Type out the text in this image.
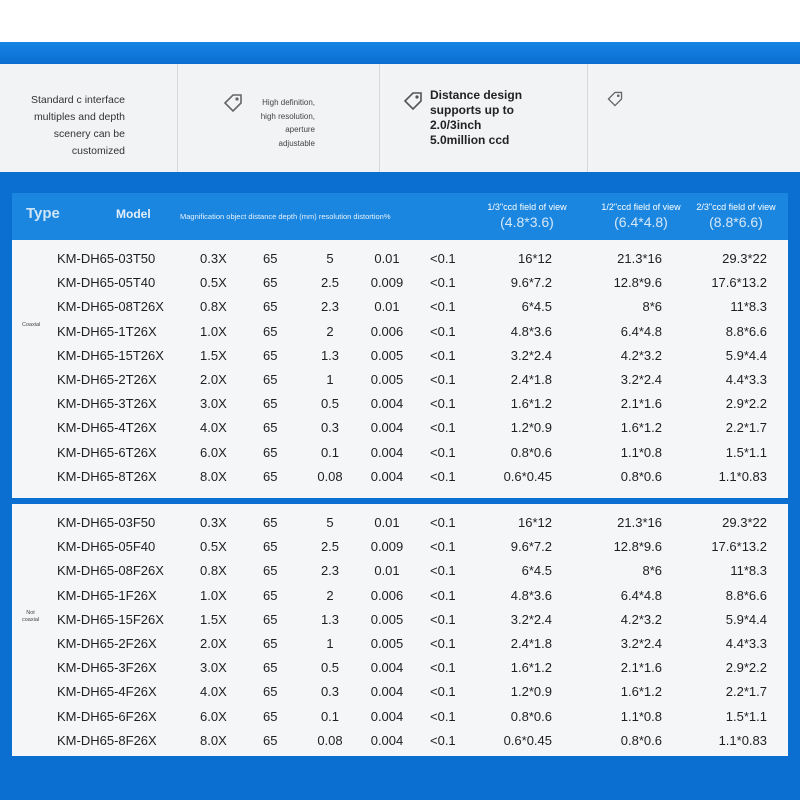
Standard c interface
multiples and depth
scenery can be
customized
High definition,
high resolution,
aperture
adjustable
Distance design
supports up to
2.0/3inch
5.0million ccd
...
... ... ...
... ...
Type	Model	Magnification object distance depth (mm) resolution distortion%
1/3"ccd field of view
(4.8*3.6)
1/2"ccd field of view
(6.4*4.8)
2/3"ccd field of view
(8.8*6.6)
Coaxial
KM-DH65-03T50	0.3X	65	5	0.01	<0.1	16*12	21.3*16	29.3*22
KM-DH65-05T40	0.5X	65	2.5	0.009	<0.1	9.6*7.2	12.8*9.6	17.6*13.2
KM-DH65-08T26X	0.8X	65	2.3	0.01	<0.1	6*4.5	8*6	11*8.3
KM-DH65-1T26X	1.0X	65	2	0.006	<0.1	4.8*3.6	6.4*4.8	8.8*6.6
KM-DH65-15T26X	1.5X	65	1.3	0.005	<0.1	3.2*2.4	4.2*3.2	5.9*4.4
KM-DH65-2T26X	2.0X	65	1	0.005	<0.1	2.4*1.8	3.2*2.4	4.4*3.3
KM-DH65-3T26X	3.0X	65	0.5	0.004	<0.1	1.6*1.2	2.1*1.6	2.9*2.2
KM-DH65-4T26X	4.0X	65	0.3	0.004	<0.1	1.2*0.9	1.6*1.2	2.2*1.7
KM-DH65-6T26X	6.0X	65	0.1	0.004	<0.1	0.8*0.6	1.1*0.8	1.5*1.1
KM-DH65-8T26X	8.0X	65	0.08	0.004	<0.1	0.6*0.45	0.8*0.6	1.1*0.83
Not
coaxial
KM-DH65-03F50	0.3X	65	5	0.01	<0.1	16*12	21.3*16	29.3*22
KM-DH65-05F40	0.5X	65	2.5	0.009	<0.1	9.6*7.2	12.8*9.6	17.6*13.2
KM-DH65-08F26X	0.8X	65	2.3	0.01	<0.1	6*4.5	8*6	11*8.3
KM-DH65-1F26X	1.0X	65	2	0.006	<0.1	4.8*3.6	6.4*4.8	8.8*6.6
KM-DH65-15F26X	1.5X	65	1.3	0.005	<0.1	3.2*2.4	4.2*3.2	5.9*4.4
KM-DH65-2F26X	2.0X	65	1	0.005	<0.1	2.4*1.8	3.2*2.4	4.4*3.3
KM-DH65-3F26X	3.0X	65	0.5	0.004	<0.1	1.6*1.2	2.1*1.6	2.9*2.2
KM-DH65-4F26X	4.0X	65	0.3	0.004	<0.1	1.2*0.9	1.6*1.2	2.2*1.7
KM-DH65-6F26X	6.0X	65	0.1	0.004	<0.1	0.8*0.6	1.1*0.8	1.5*1.1
KM-DH65-8F26X	8.0X	65	0.08	0.004	<0.1	0.6*0.45	0.8*0.6	1.1*0.83
